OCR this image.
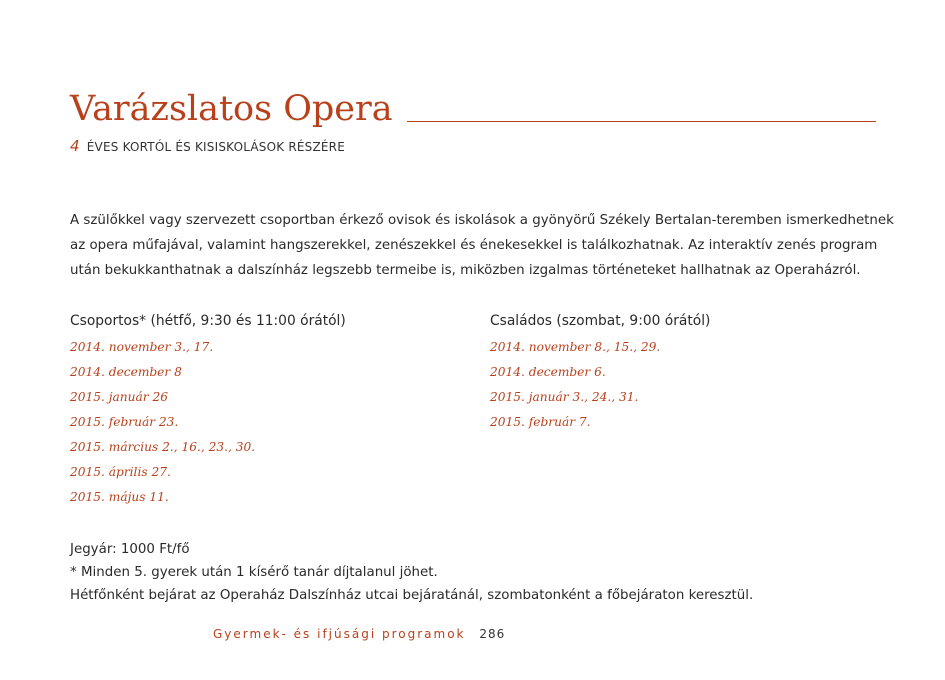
Varázslatos Opera
4 ÉVES KORTÓL ÉS KISISKOLÁSOK RÉSZÉRE

A szülőkkel vagy szervezett csoportban érkező ovisok és iskolások a gyönyörű Székely Bertalan-teremben ismerkedhetnek

az opera műfajával, valamint hangszerekkel, zenészekkel és énekesekkel is találkozhatnak. Az interaktív zenés program

után bekukkanthatnak a dalszínház legszebb termeibe is, miközben izgalmas történeteket hallhatnak az Operaházról.

Csoportos* (hétfő, 9:30 és 11:00 órától)
2014. november 3., 17.
2014. december 8
2015. január 26
2015. február 23.
2015. március 2., 16., 23., 30.
2015. április 27.
2015. május 11.
Családos (szombat, 9:00 órától)
2014. november 8., 15., 29.
2014. december 6.
2015. január 3., 24., 31.
2015. február 7.

Jegyár: 1000 Ft/fő

* Minden 5. gyerek után 1 kísérő tanár díjtalanul jöhet.

Hétfőnként bejárat az Operaház Dalszínház utcai bejáratánál, szombatonként a főbejáraton keresztül.

Gyermek- és ifjúsági programok 286
